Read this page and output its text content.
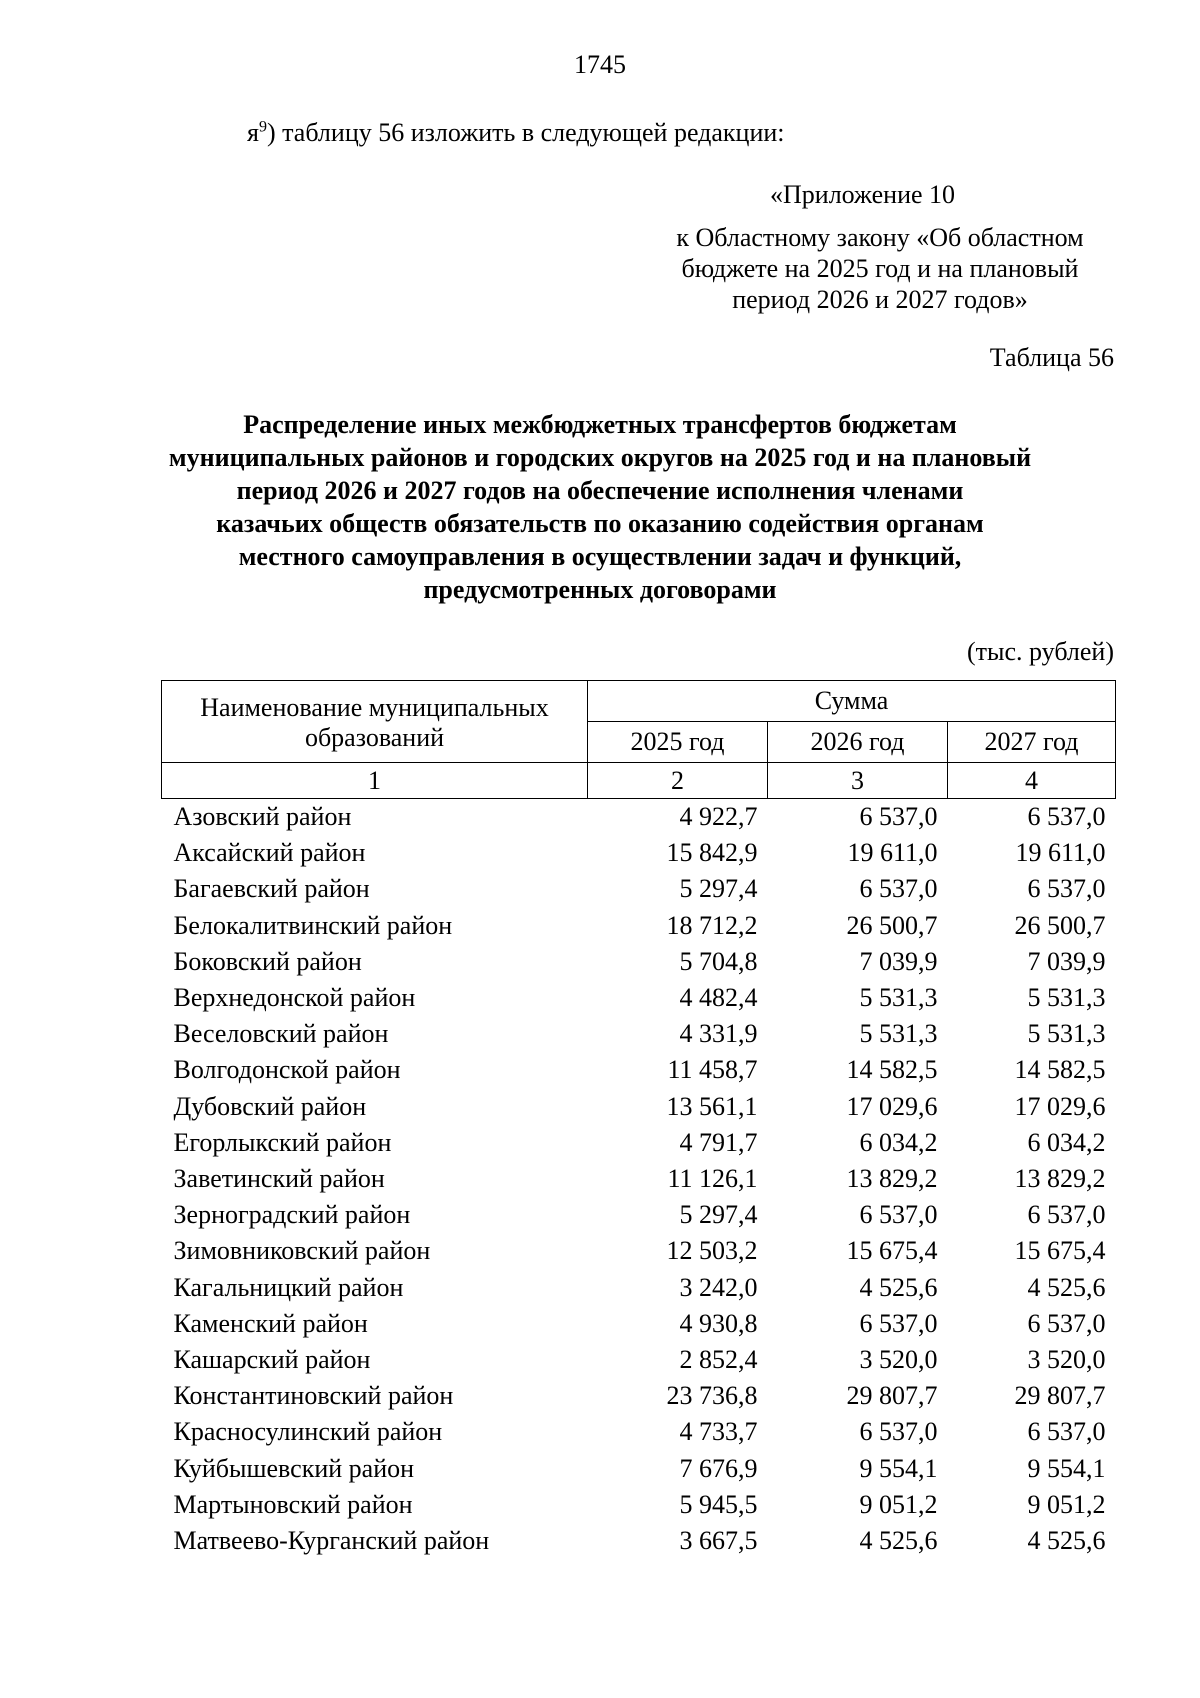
1745
$я^9$) таблицу 56 изложить в следующей редакции:
«Приложение 10
к Областному закону «Об областном
бюджете на 2025 год и на плановый
период 2026 и 2027 годов»
Таблица 56
Распределение иных межбюджетных трансфертов бюджетам
муниципальных районов и городских округов на 2025 год и на плановый
период 2026 и 2027 годов на обеспечение исполнения членами
казачьих обществ обязательств по оказанию содействия органам
местного самоуправления в осуществлении задач и функций,
предусмотренных договорами
(тыс. рублей)
Наименование муниципальных образований	Сумма		
	2025 год	2026 год	2027 год
1	2	3	4
Азовский район	4 922,7	6 537,0	6 537,0
Аксайский район	15 842,9	19 611,0	19 611,0
Багаевский район	5 297,4	6 537,0	6 537,0
Белокалитвинский район	18 712,2	26 500,7	26 500,7
Боковский район	5 704,8	7 039,9	7 039,9
Верхнедонской район	4 482,4	5 531,3	5 531,3
Веселовский район	4 331,9	5 531,3	5 531,3
Волгодонской район	11 458,7	14 582,5	14 582,5
Дубовский район	13 561,1	17 029,6	17 029,6
Егорлыкский район	4 791,7	6 034,2	6 034,2
Заветинский район	11 126,1	13 829,2	13 829,2
Зерноградский район	5 297,4	6 537,0	6 537,0
Зимовниковский район	12 503,2	15 675,4	15 675,4
Кагальницкий район	3 242,0	4 525,6	4 525,6
Каменский район	4 930,8	6 537,0	6 537,0
Кашарский район	2 852,4	3 520,0	3 520,0
Константиновский район	23 736,8	29 807,7	29 807,7
Красносулинский район	4 733,7	6 537,0	6 537,0
Куйбышевский район	7 676,9	9 554,1	9 554,1
Мартыновский район	5 945,5	9 051,2	9 051,2
Матвеево-Курганский район	3 667,5	4 525,6	4 525,6
